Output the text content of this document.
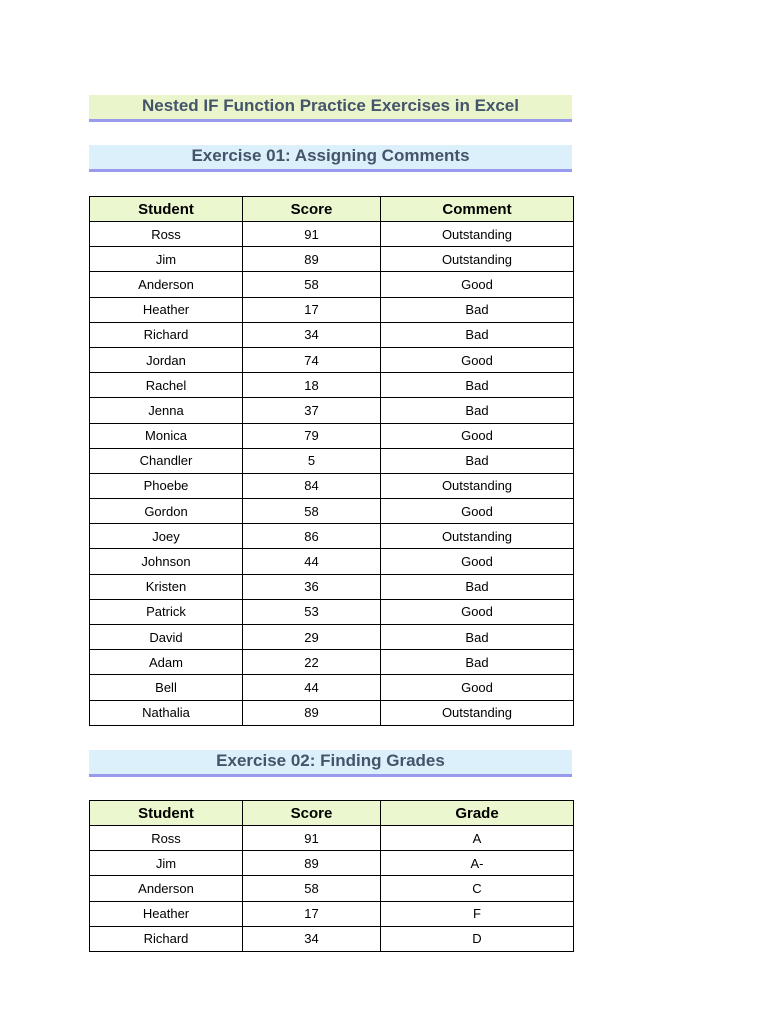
Nested IF Function Practice Exercises in Excel
Exercise 01: Assigning Comments
Student	Score	Comment
Ross	91	Outstanding
Jim	89	Outstanding
Anderson	58	Good
Heather	17	Bad
Richard	34	Bad
Jordan	74	Good
Rachel	18	Bad
Jenna	37	Bad
Monica	79	Good
Chandler	5	Bad
Phoebe	84	Outstanding
Gordon	58	Good
Joey	86	Outstanding
Johnson	44	Good
Kristen	36	Bad
Patrick	53	Good
David	29	Bad
Adam	22	Bad
Bell	44	Good
Nathalia	89	Outstanding
Exercise 02: Finding Grades
Student	Score	Grade
Ross	91	A
Jim	89	A-
Anderson	58	C
Heather	17	F
Richard	34	D
